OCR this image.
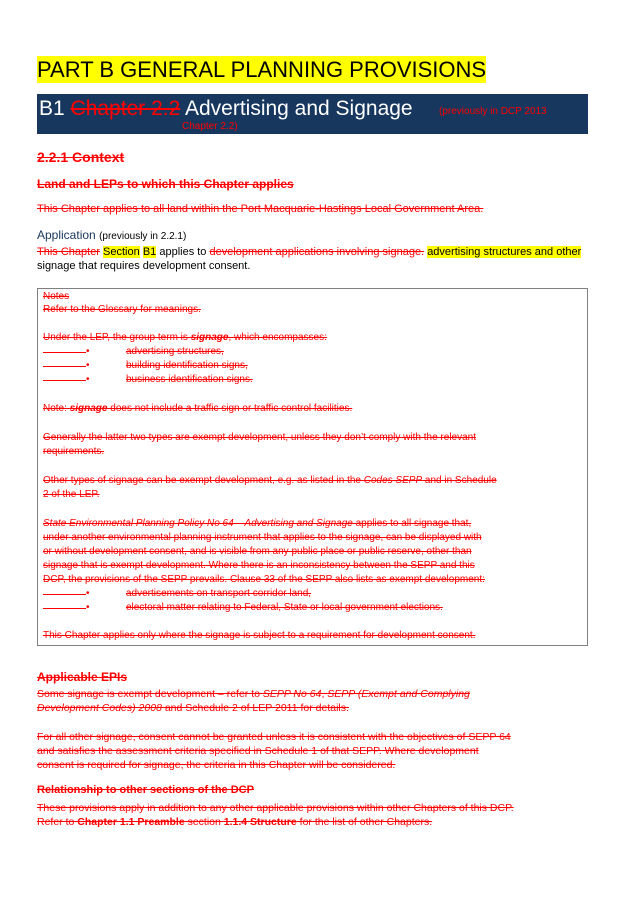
PART B GENERAL PLANNING PROVISIONS
B1 Chapter 2.2 Advertising and Signage	(previously in DCP 2013
Chapter 2.2)
2.2.1 Context
Land and LEPs to which this Chapter applies
This Chapter applies to all land within the Port Macquarie-Hastings Local Government Area.
Application (previously in 2.2.1)
This Chapter Section B1 applies to development applications involving signage. advertising structures and other signage that requires development consent.
Notes
Refer to the Glossary for meanings.
Under the LEP, the group term is signage, which encompasses:
•	advertising structures,
•	building identification signs,
•	business identification signs.
Note: signage does not include a traffic sign or traffic control facilities.
Generally the latter two types are exempt development, unless they don’t comply with the relevant
requirements.
Other types of signage can be exempt development, e.g. as listed in the Codes SEPP and in Schedule
2 of the LEP.
State Environmental Planning Policy No 64 – Advertising and Signage applies to all signage that,
under another environmental planning instrument that applies to the signage, can be displayed with
or without development consent, and is visible from any public place or public reserve, other than
signage that is exempt development. Where there is an inconsistency between the SEPP and this
DCP, the provisions of the SEPP prevails. Clause 33 of the SEPP also lists as exempt development:
•	advertisements on transport corridor land,
•	electoral matter relating to Federal, State or local government elections.
This Chapter applies only where the signage is subject to a requirement for development consent.
Applicable EPIs
Some signage is exempt development – refer to SEPP No 64, SEPP (Exempt and Complying
Development Codes) 2008 and Schedule 2 of LEP 2011 for details.
For all other signage, consent cannot be granted unless it is consistent with the objectives of SEPP 64
and satisfies the assessment criteria specified in Schedule 1 of that SEPP. Where development
consent is required for signage, the criteria in this Chapter will be considered.
Relationship to other sections of the DCP
These provisions apply in addition to any other applicable provisions within other Chapters of this DCP.
Refer to Chapter 1.1 Preamble section 1.1.4 Structure for the list of other Chapters.
